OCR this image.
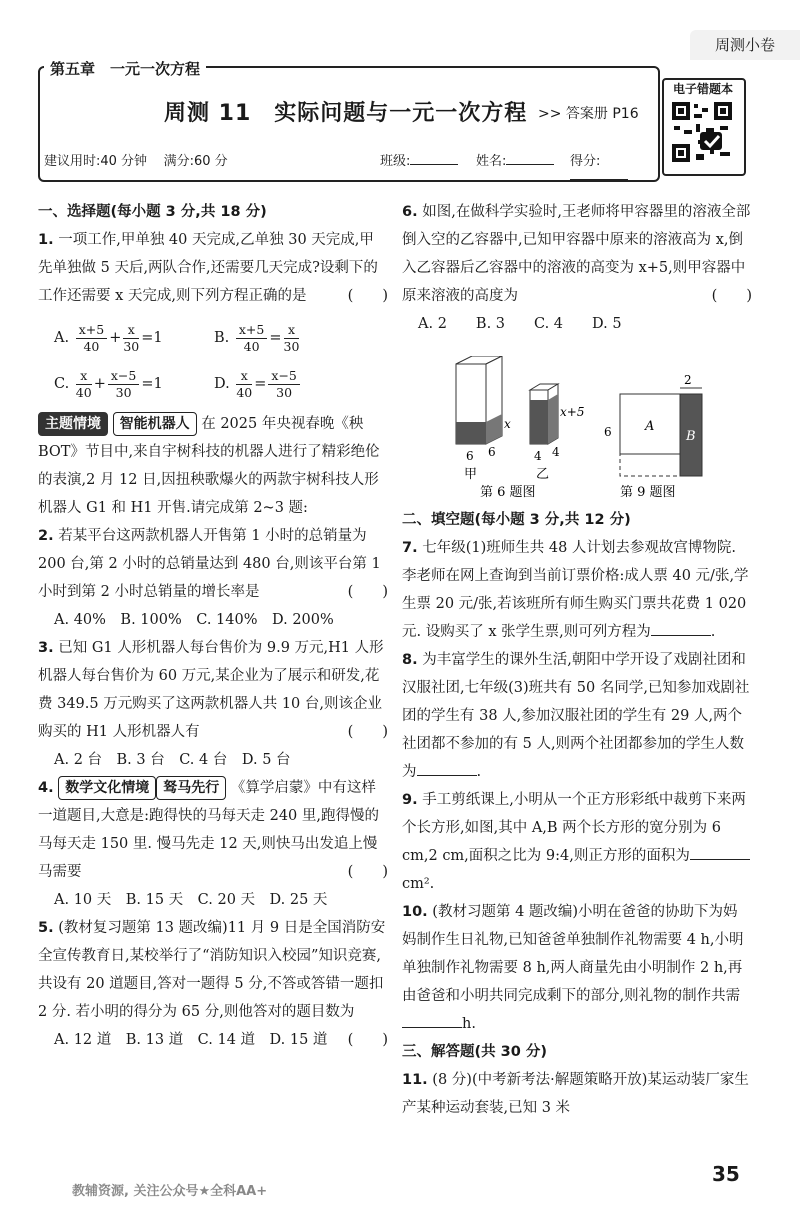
周测小卷
第五章　一元一次方程
周测 11　实际问题与一元一次方程 >> 答案册 P16
建议用时:40 分钟 满分:60 分	班级:	姓名:	得分:
电子错题本

一、选择题(每小题 3 分,共 18 分)

1. 一项工作,甲单独 40 天完成,乙单独 30 天完成,甲先单独做 5 天后,两队合作,还需要几天完成?设剩下的工作还需要 x 天完成,则下列方程正确的是	(　　)

A. $\frac{x+5}{40} + \frac{x}{30} =1$	B. $\frac{x+5}{40} = \frac{x}{30}$
C. $\frac{x}{40} + \frac{x-5}{30} =1$	D. $\frac{x}{40} = \frac{x-5}{30}$

主题情境 智能机器人 在 2025 年央视春晚《秧 BOT》节目中,来自宇树科技的机器人进行了精彩绝伦的表演,2 月 12 日,因扭秧歌爆火的两款宇树科技人形机器人 G1 和 H1 开售.请完成第 2~3 题:

2. 若某平台这两款机器人开售第 1 小时的总销量为 200 台,第 2 小时的总销量达到 480 台,则该平台第 1 小时到第 2 小时总销量的增长率是	(　　)

A. 40%　B. 100%　C. 140%　D. 200%

3. 已知 G1 人形机器人每台售价为 9.9 万元,H1 人形机器人每台售价为 60 万元,某企业为了展示和研发,花费 349.5 万元购买了这两款机器人共 10 台,则该企业购买的 H1 人形机器人有	(　　)

A. 2 台　B. 3 台　C. 4 台　D. 5 台

4. 数学文化情境 驽马先行 《算学启蒙》中有这样一道题目,大意是:跑得快的马每天走 240 里,跑得慢的马每天走 150 里. 慢马先走 12 天,则快马出发追上慢马需要	(　　)

A. 10 天　B. 15 天　C. 20 天　D. 25 天

5. (教材复习题第 13 题改编)11 月 9 日是全国消防安全宣传教育日,某校举行了“消防知识入校园”知识竞赛,共设有 20 道题目,答对一题得 5 分,不答或答错一题扣 2 分. 若小明的得分为 65 分,则他答对的题目数为
(　　)

A. 12 道　B. 13 道　C. 14 道　D. 15 道

6. 如图,在做科学实验时,王老师将甲容器里的溶液全部倒入空的乙容器中,已知甲容器中原来的溶液高为 x,倒入乙容器后乙容器中的溶液的高变为 x+5,则甲容器中原来溶液的高度为	(　　)

A. 2　　B. 3　　C. 4　　D. 5

x
6
6
甲
x+5
4
4
乙
第 6 题图
A
B
6
2
第 9 题图

二、填空题(每小题 3 分,共 12 分)

7. 七年级(1)班师生共 48 人计划去参观故宫博物院. 李老师在网上查询到当前订票价格:成人票 40 元/张,学生票 20 元/张,若该班所有师生购买门票共花费 1 020 元. 设购买了 x 张学生票,则可列方程为	.

8. 为丰富学生的课外生活,朝阳中学开设了戏剧社团和汉服社团,七年级(3)班共有 50 名同学,已知参加戏剧社团的学生有 38 人,参加汉服社团的学生有 29 人,两个社团都不参加的有 5 人,则两个社团都参加的学生人数为	.

9. 手工剪纸课上,小明从一个正方形彩纸中裁剪下来两个长方形,如图,其中 A,B 两个长方形的宽分别为 6 cm,2 cm,面积之比为 9:4,则正方形的面积为 cm².

10. (教材习题第 4 题改编)小明在爸爸的协助下为妈妈制作生日礼物,已知爸爸单独制作礼物需要 4 h,小明单独制作礼物需要 8 h,两人商量先由小明制作 2 h,再由爸爸和小明共同完成剩下的部分,则礼物的制作共需h.

三、解答题(共 30 分)

11. (8 分)(中考新考法·解题策略开放)某运动装厂家生产某种运动套装,已知 3 米

教辅资源, 关注公众号★全科AA+
35
